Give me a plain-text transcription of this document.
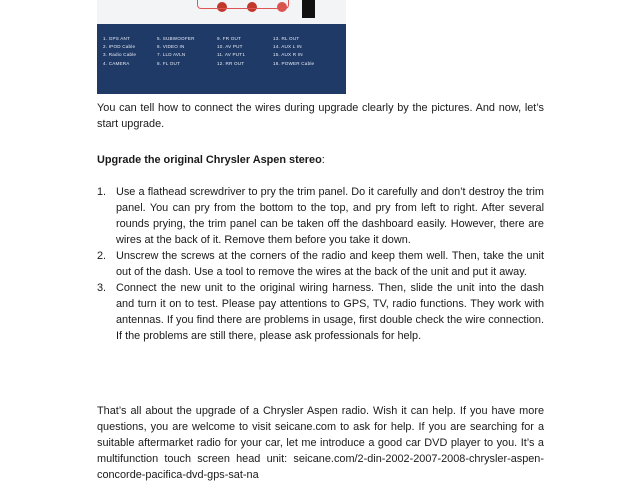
1. GPS ANT	5. SUBWOOFER	9. FR OUT	13. RL OUT
2. IPOD Cable	6. VIDEO IN	10. AV PUT	14. AUX L IN
3. Radio Cable	7. LLD AVLN	11. AV PUT1	15. AUX R IN
4. CAMERA	8. FL OUT	12. RR OUT	16. POWER Cable

You can tell how to connect the wires during upgrade clearly by the pictures. And now, let’s start upgrade.

Upgrade the original Chrysler Aspen stereo:

1. Use a flathead screwdriver to pry the trim panel. Do it carefully and don’t destroy the trim panel. You can pry from the bottom to the top, and pry from left to right. After several rounds prying, the trim panel can be taken off the dashboard easily. However, there are wires at the back of it. Remove them before you take it down.
2. Unscrew the screws at the corners of the radio and keep them well. Then, take the unit out of the dash. Use a tool to remove the wires at the back of the unit and put it away.
3. Connect the new unit to the original wiring harness. Then, slide the unit into the dash and turn it on to test. Please pay attentions to GPS, TV, radio functions. They work with antennas. If you find there are problems in usage, first double check the wire connection. If the problems are still there, please ask professionals for help.

That’s all about the upgrade of a Chrysler Aspen radio. Wish it can help. If you have more questions, you are welcome to visit seicane.com to ask for help. If you are searching for a suitable aftermarket radio for your car, let me introduce a good car DVD player to you. It’s a multifunction touch screen head unit: seicane.com/2-din-2002-2007-2008-chrysler-aspen-concorde-pacifica-dvd-gps-sat-na
